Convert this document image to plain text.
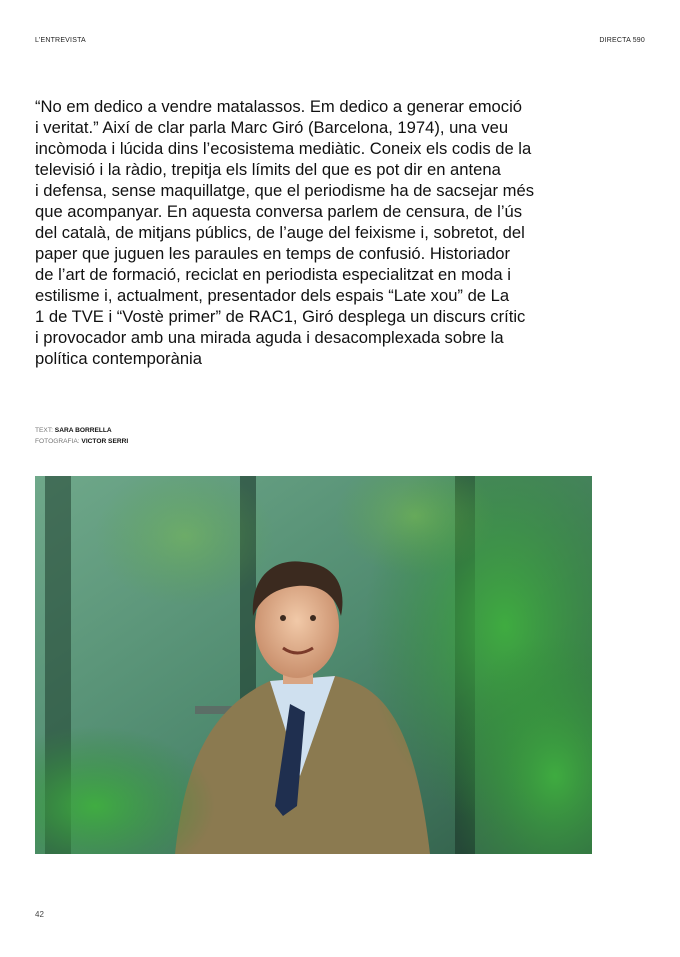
L’ENTREVISTA	DIRECTA 590

“No em dedico a vendre matalassos. Em dedico a generar emoció
i veritat.” Així de clar parla Marc Giró (Barcelona, 1974), una veu
incòmoda i lúcida dins l’ecosistema mediàtic. Coneix els codis de la
televisió i la ràdio, trepitja els límits del que es pot dir en antena
i defensa, sense maquillatge, que el periodisme ha de sacsejar més
que acompanyar. En aquesta conversa parlem de censura, de l’ús
del català, de mitjans públics, de l’auge del feixisme i, sobretot, del
paper que juguen les paraules en temps de confusió. Historiador
de l’art de formació, reciclat en periodista especialitzat en moda i
estilisme i, actualment, presentador dels espais “Late xou” de La
1 de TVE i “Vostè primer” de RAC1, Giró desplega un discurs crític
i provocador amb una mirada aguda i desacomplexada sobre la
política contemporània

TEXT: SARA BORRELLA
FOTOGRAFIA: VICTOR SERRI
42
